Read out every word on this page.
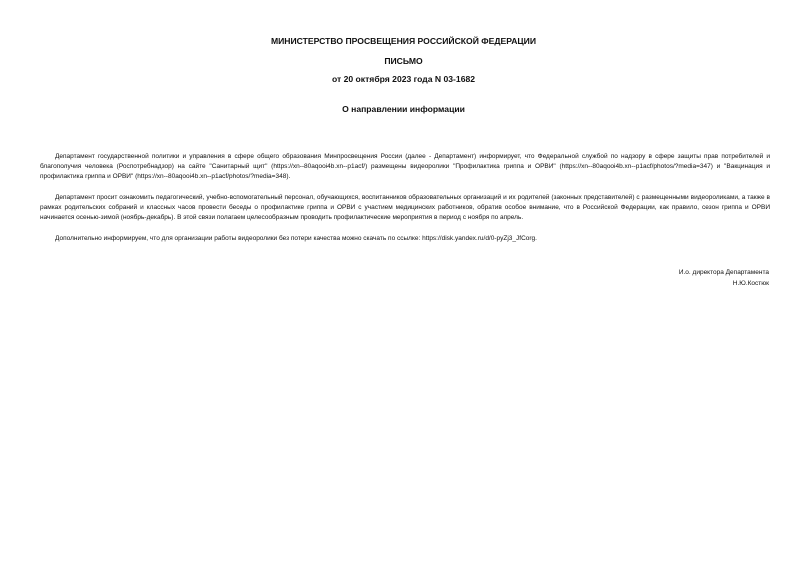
МИНИСТЕРСТВО ПРОСВЕЩЕНИЯ РОССИЙСКОЙ ФЕДЕРАЦИИ
ПИСЬМО
от 20 октября 2023 года N 03-1682
О направлении информации

Департамент государственной политики и управления в сфере общего образования Минпросвещения России (далее - Департамент) информирует, что Федеральной службой по надзору в сфере защиты прав потребителей и благополучия человека (Роспотребнадзор) на сайте "Санитарный щит" (https://xn--80aqooi4b.xn--p1acf/) размещены видеоролики "Профилактика гриппа и ОРВИ" (https://xn--80aqooi4b.xn--p1acf/photos/?media=347) и "Вакцинация и профилактика гриппа и ОРВИ" (https://xn--80aqooi4b.xn--p1acf/photos/?media=348).

Департамент просит ознакомить педагогический, учебно-вспомогательный персонал, обучающихся, воспитанников образовательных организаций и их родителей (законных представителей) с размещенными видеороликами, а также в рамках родительских собраний и классных часов провести беседы о профилактике гриппа и ОРВИ с участием медицинских работников, обратив особое внимание, что в Российской Федерации, как правило, сезон гриппа и ОРВИ начинается осенью-зимой (ноябрь-декабрь). В этой связи полагаем целесообразным проводить профилактические мероприятия в период с ноября по апрель.

Дополнительно информируем, что для организации работы видеоролики без потери качества можно скачать по ссылке: https://disk.yandex.ru/d/0-pyZj3_JfCorg.

И.о. директора Департамента
Н.Ю.Костюк
